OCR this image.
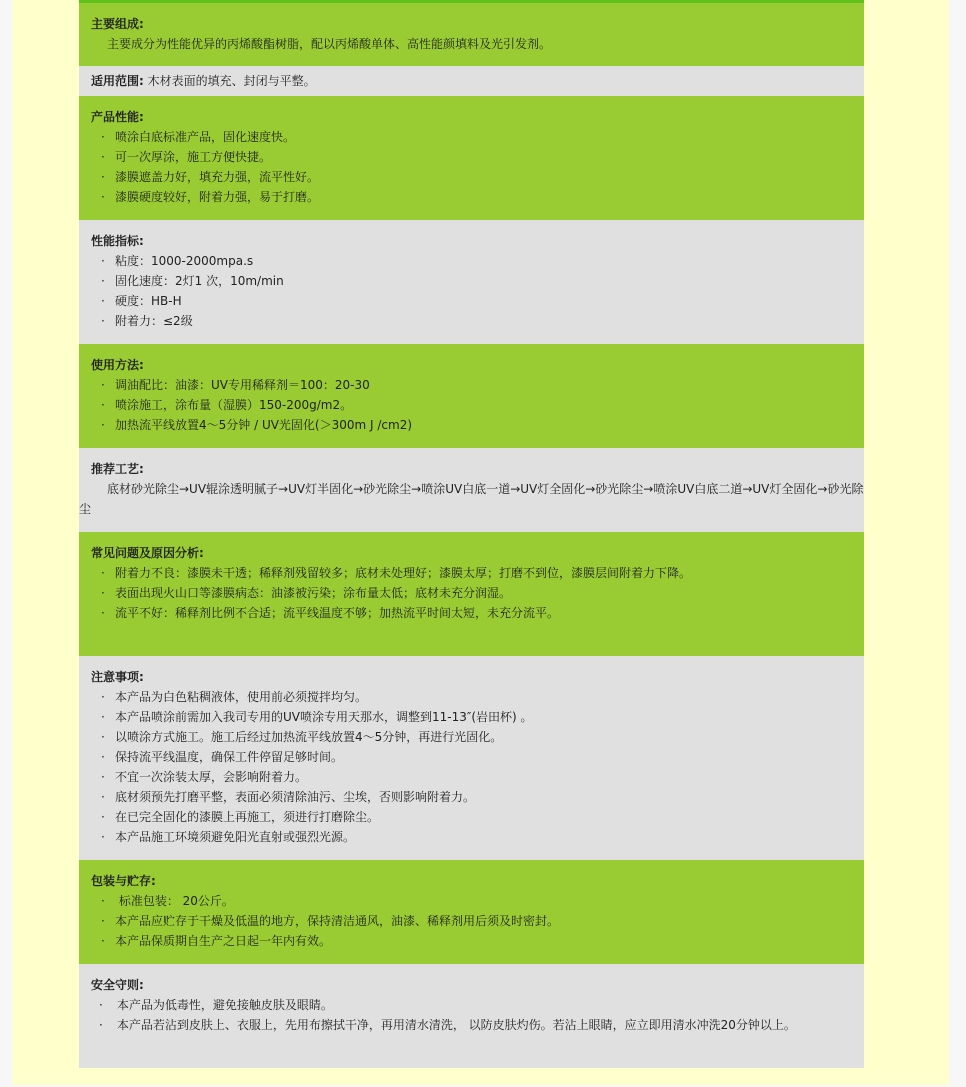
主要组成:
主要成分为性能优异的丙烯酸酯树脂，配以丙烯酸单体、高性能颜填料及光引发剂。
适用范围: 木材表面的填充、封闭与平整。
产品性能:
· 喷涂白底标准产品，固化速度快。
· 可一次厚涂，施工方便快捷。
· 漆膜遮盖力好，填充力强，流平性好。
· 漆膜硬度较好，附着力强，易于打磨。
性能指标:
· 粘度：1000-2000mpa.s
· 固化速度：2灯1 次，10m/min
· 硬度：HB-H
· 附着力：≤2级
使用方法:
· 调油配比：油漆：UV专用稀释剂＝100：20-30
· 喷涂施工，涂布量（湿膜）150-200g/m2。
· 加热流平线放置4～5分钟 / UV光固化(＞300m J /cm2)
推荐工艺:
底材砂光除尘→UV辊涂透明腻子→UV灯半固化→砂光除尘→喷涂UV白底一道→UV灯全固化→砂光除尘→喷涂UV白底二道→UV灯全固化→砂光除尘
常见问题及原因分析:
· 附着力不良：漆膜未干透；稀释剂残留较多；底材未处理好；漆膜太厚；打磨不到位，漆膜层间附着力下降。
· 表面出现火山口等漆膜病态：油漆被污染；涂布量太低；底材未充分润湿。
· 流平不好：稀释剂比例不合适；流平线温度不够；加热流平时间太短，未充分流平。
注意事项:
· 本产品为白色粘稠液体，使用前必须搅拌均匀。
· 本产品喷涂前需加入我司专用的UV喷涂专用天那水，调整到11-13″(岩田杯) 。
· 以喷涂方式施工。施工后经过加热流平线放置4～5分钟，再进行光固化。
· 保持流平线温度，确保工件停留足够时间。
· 不宜一次涂装太厚，会影响附着力。
· 底材须预先打磨平整，表面必须清除油污、尘埃，否则影响附着力。
· 在已完全固化的漆膜上再施工，须进行打磨除尘。
· 本产品施工环境须避免阳光直射或强烈光源。
包装与贮存:
· 标准包装： 20公斤。
· 本产品应贮存于干燥及低温的地方，保持清洁通风，油漆、稀释剂用后须及时密封。
· 本产品保质期自生产之日起一年内有效。
安全守则:
· 本产品为低毒性，避免接触皮肤及眼睛。
· 本产品若沾到皮肤上、衣服上，先用布擦拭干净，再用清水清洗， 以防皮肤灼伤。若沾上眼睛，应立即用清水冲洗20分钟以上。
